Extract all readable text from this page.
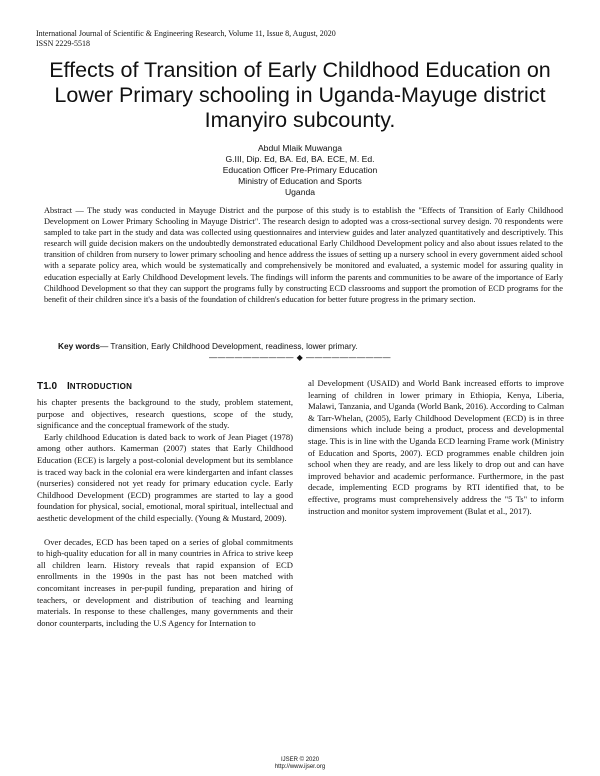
International Journal of Scientific & Engineering Research, Volume 11, Issue 8, August, 2020
ISSN 2229-5518
Effects of Transition of Early Childhood Education on Lower Primary schooling in Uganda-Mayuge district Imanyiro subcounty.
Abdul Mlaik Muwanga
G.III, Dip. Ed, BA. Ed, BA. ECE, M. Ed.
Education Officer Pre-Primary Education
Ministry of Education and Sports
Uganda
Abstract — The study was conducted in Mayuge District and the purpose of this study is to establish the "Effects of Transition of Early Childhood Development on Lower Primary Schooling in Mayuge District". The research design to adopted was a cross-sectional survey design. 70 respondents were sampled to take part in the study and data was collected using questionnaires and interview guides and later analyzed quantitatively and descriptively. This research will guide decision makers on the undoubtedly demonstrated educational Early Childhood Development policy and also about issues related to the transition of children from nursery to lower primary schooling and hence address the issues of setting up a nursery school in every government aided school with a separate policy area, which would be systematically and comprehensively be monitored and evaluated, a systemic model for assuring quality in education especially at Early Childhood Development levels. The findings will inform the parents and communities to be aware of the importance of Early Childhood Development so that they can support the programs fully by constructing ECD classrooms and support the promotion of ECD programs for the benefit of their children since it's a basis of the foundation of children's education for better future progress in the primary section.
Key words— Transition, Early Childhood Development, readiness, lower primary.
—————————— ◆ ——————————
T1.0 INTRODUCTION

his chapter presents the background to the study, problem statement, purpose and objectives, research questions, scope of the study, significance and the conceptual framework of the study.

Early childhood Education is dated back to work of Jean Piaget (1978) among other authors. Kamerman (2007) states that Early Childhood Education (ECE) is largely a post-colonial development but its semblance is traced way back in the colonial era were kindergarten and infant classes (nurseries) considered not yet ready for primary education cycle. Early Childhood Development (ECD) programmes are started to lay a good foundation for physical, social, emotional, moral spiritual, intellectual and aesthetic development of the child especially. (Young & Mustard, 2009).

Over decades, ECD has been taped on a series of global commitments to high-quality education for all in many countries in Africa to strive keep all children learn. History reveals that rapid expansion of ECD enrollments in the 1990s in the past has not been matched with concomitant increases in per-pupil funding, preparation and hiring of teachers, or development and distribution of teaching and learning materials. In response to these challenges, many governments and their donor counterparts, including the U.S Agency for Internation to

al Development (USAID) and World Bank increased efforts to improve learning of children in lower primary in Ethiopia, Kenya, Liberia, Malawi, Tanzania, and Uganda (World Bank, 2016). According to Calman & Tarr-Whelan, (2005), Early Childhood Development (ECD) is in three dimensions which include being a product, process and developmental stage. This is in line with the Uganda ECD learning Frame work (Ministry of Education and Sports, 2007). ECD programmes enable children join school when they are ready, and are less likely to drop out and can have improved behavior and academic performance. Furthermore, in the past decade, implementing ECD programs by RTI identified that, to be effective, programs must comprehensively address the "5 Ts" to inform instruction and monitor system improvement (Bulat et al., 2017).

IJSER © 2020
http://www.ijser.org
